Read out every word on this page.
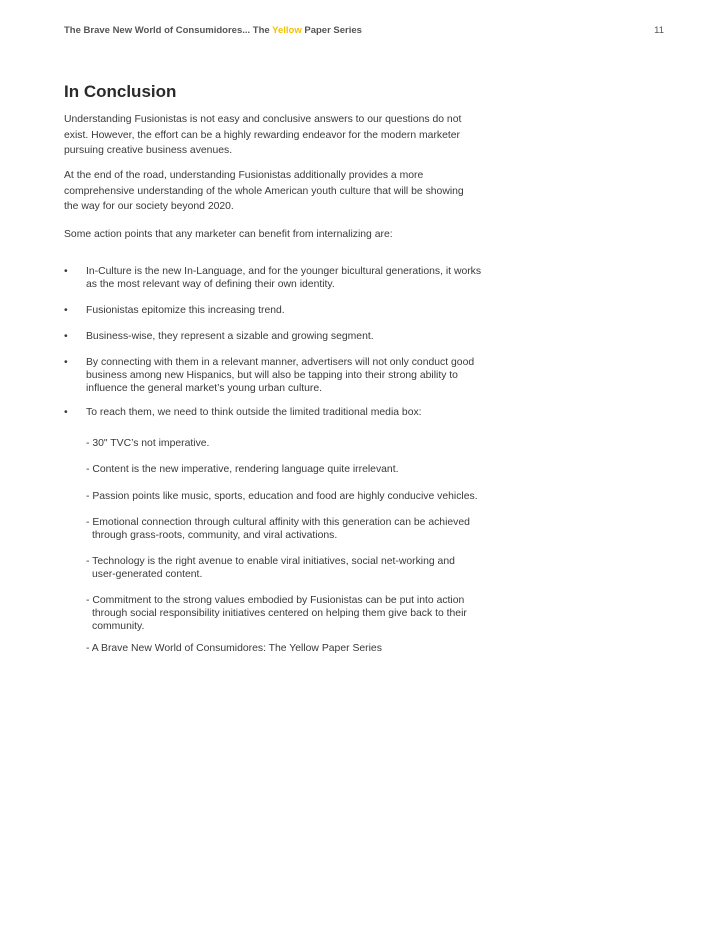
The Brave New World of Consumidores... The Yellow Paper Series	11
In Conclusion

Understanding Fusionistas is not easy and conclusive answers to our questions do not exist. However, the effort can be a highly rewarding endeavor for the modern marketer pursuing creative business avenues.

At the end of the road, understanding Fusionistas additionally provides a more comprehensive understanding of the whole American youth culture that will be showing the way for our society beyond 2020.

Some action points that any marketer can benefit from internalizing are:

• In-Culture is the new In-Language, and for the younger bicultural generations, it works as the most relevant way of defining their own identity.
• Fusionistas epitomize this increasing trend.
• Business-wise, they represent a sizable and growing segment.
• By connecting with them in a relevant manner, advertisers will not only conduct good business among new Hispanics, but will also be tapping into their strong ability to influence the general market’s young urban culture.
• To reach them, we need to think outside the limited traditional media box:
- 30" TVC’s not imperative.
- Content is the new imperative, rendering language quite irrelevant.
- Passion points like music, sports, education and food are highly conducive vehicles.
- Emotional connection through cultural affinity with this generation can be achieved
through grass-roots, community, and viral activations.
- Technology is the right avenue to enable viral initiatives, social net-working and
user-generated content.
- Commitment to the strong values embodied by Fusionistas can be put into action
through social responsibility initiatives centered on helping them give back to their community.
- A Brave New World of Consumidores: The Yellow Paper Series
